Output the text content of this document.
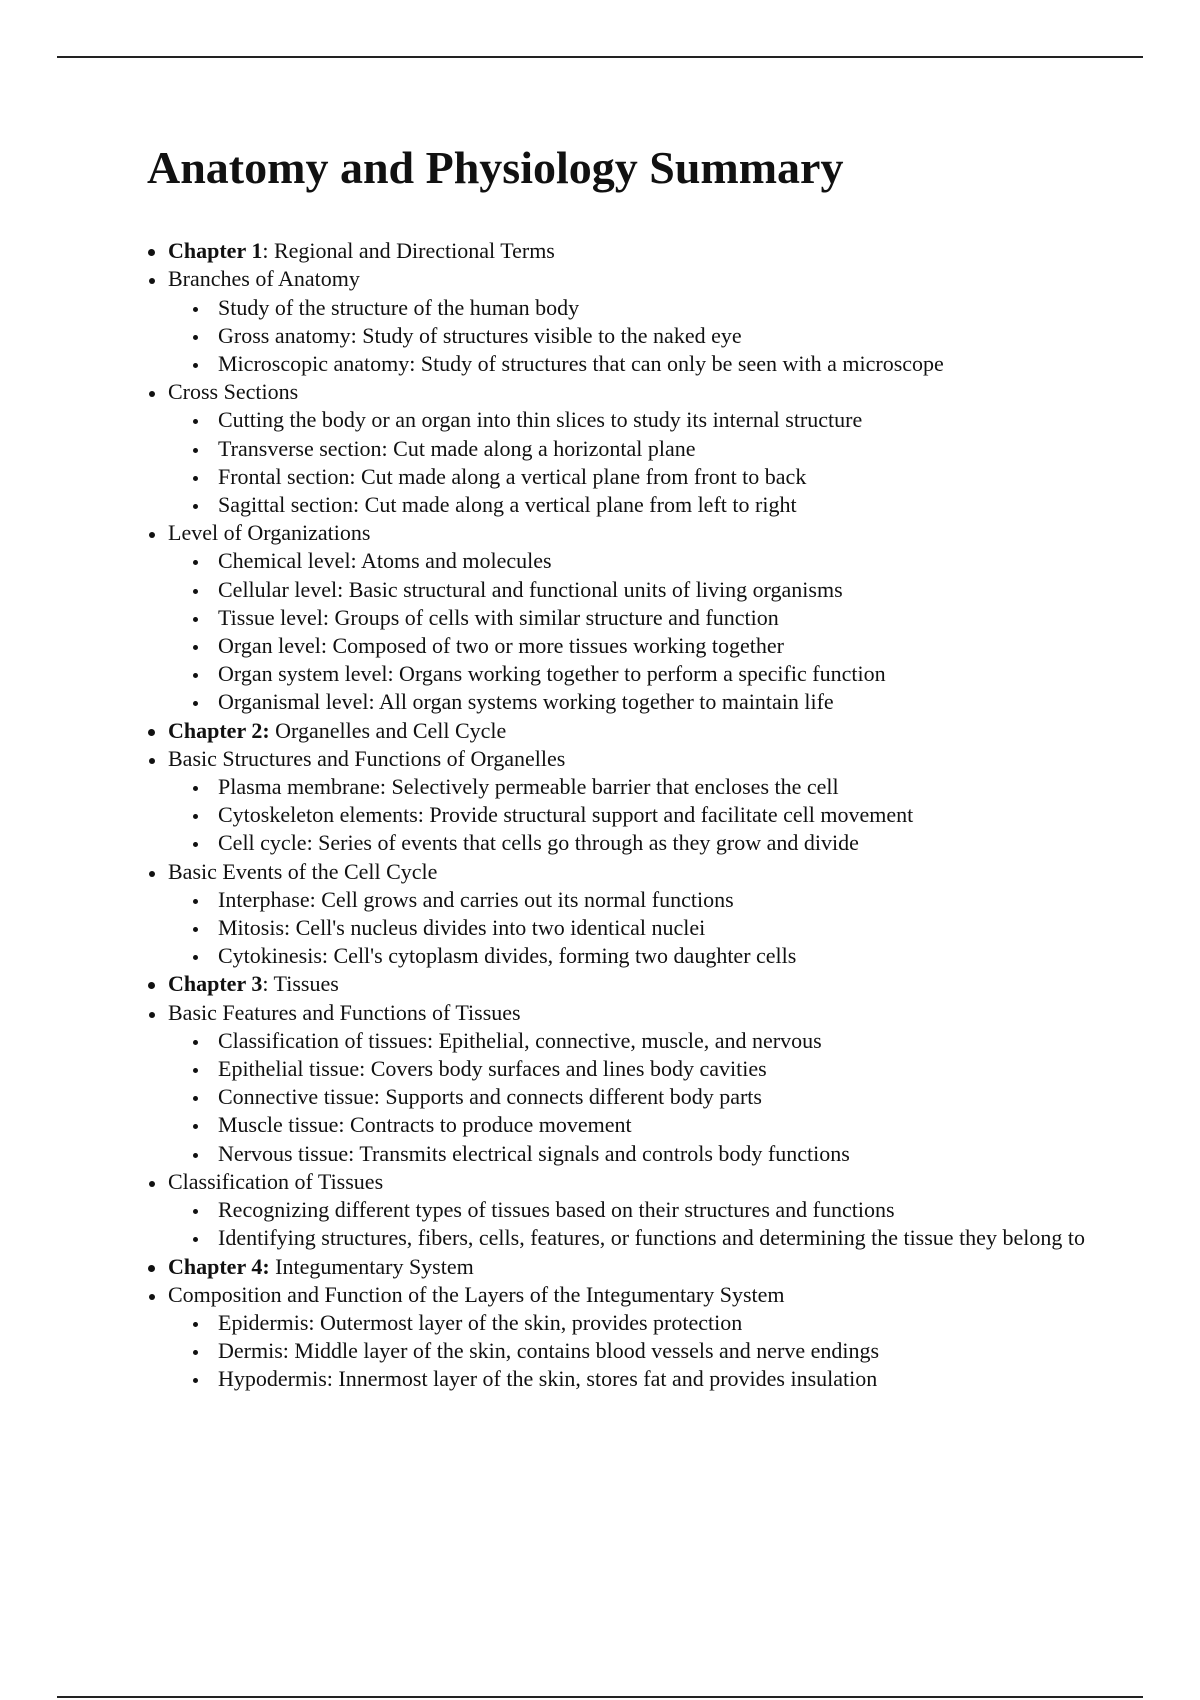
Anatomy and Physiology Summary
Chapter 1: Regional and Directional Terms
Branches of Anatomy
Study of the structure of the human body
Gross anatomy: Study of structures visible to the naked eye
Microscopic anatomy: Study of structures that can only be seen with a microscope
Cross Sections
Cutting the body or an organ into thin slices to study its internal structure
Transverse section: Cut made along a horizontal plane
Frontal section: Cut made along a vertical plane from front to back
Sagittal section: Cut made along a vertical plane from left to right
Level of Organizations
Chemical level: Atoms and molecules
Cellular level: Basic structural and functional units of living organisms
Tissue level: Groups of cells with similar structure and function
Organ level: Composed of two or more tissues working together
Organ system level: Organs working together to perform a specific function
Organismal level: All organ systems working together to maintain life
Chapter 2: Organelles and Cell Cycle
Basic Structures and Functions of Organelles
Plasma membrane: Selectively permeable barrier that encloses the cell
Cytoskeleton elements: Provide structural support and facilitate cell movement
Cell cycle: Series of events that cells go through as they grow and divide
Basic Events of the Cell Cycle
Interphase: Cell grows and carries out its normal functions
Mitosis: Cell's nucleus divides into two identical nuclei
Cytokinesis: Cell's cytoplasm divides, forming two daughter cells
Chapter 3: Tissues
Basic Features and Functions of Tissues
Classification of tissues: Epithelial, connective, muscle, and nervous
Epithelial tissue: Covers body surfaces and lines body cavities
Connective tissue: Supports and connects different body parts
Muscle tissue: Contracts to produce movement
Nervous tissue: Transmits electrical signals and controls body functions
Classification of Tissues
Recognizing different types of tissues based on their structures and functions
Identifying structures, fibers, cells, features, or functions and determining the tissue they belong to
Chapter 4: Integumentary System
Composition and Function of the Layers of the Integumentary System
Epidermis: Outermost layer of the skin, provides protection
Dermis: Middle layer of the skin, contains blood vessels and nerve endings
Hypodermis: Innermost layer of the skin, stores fat and provides insulation
